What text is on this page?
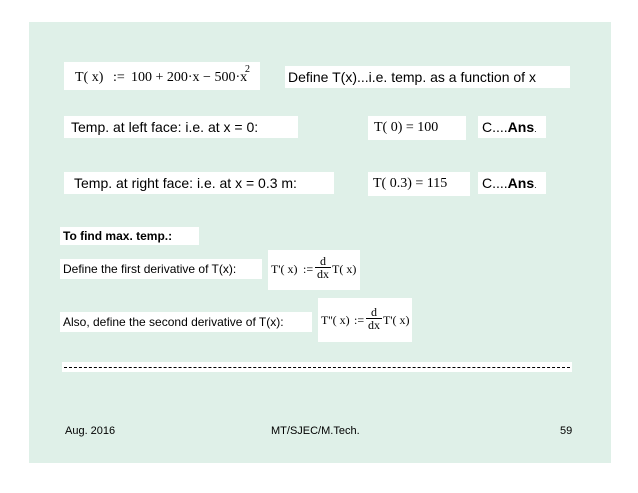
T( x) := 100 + 200·x − 500·x
2	Define T(x)...i.e. temp. as a function of x
Temp. at left face: i.e. at x = 0:	T( 0) = 100	C....Ans.
Temp. at right face: i.e. at x = 0.3 m:	T( 0.3) = 115 C....Ans.
To find max. temp.:
Define the first derivative of T(x):	T'( x) := $\frac{d}{dx} T$( x)
Also, define the second derivative of T(x):	T''( x) := $\frac{d}{dx} T'$( x)
Aug. 2016	MT/SJEC/M.Tech.	59
